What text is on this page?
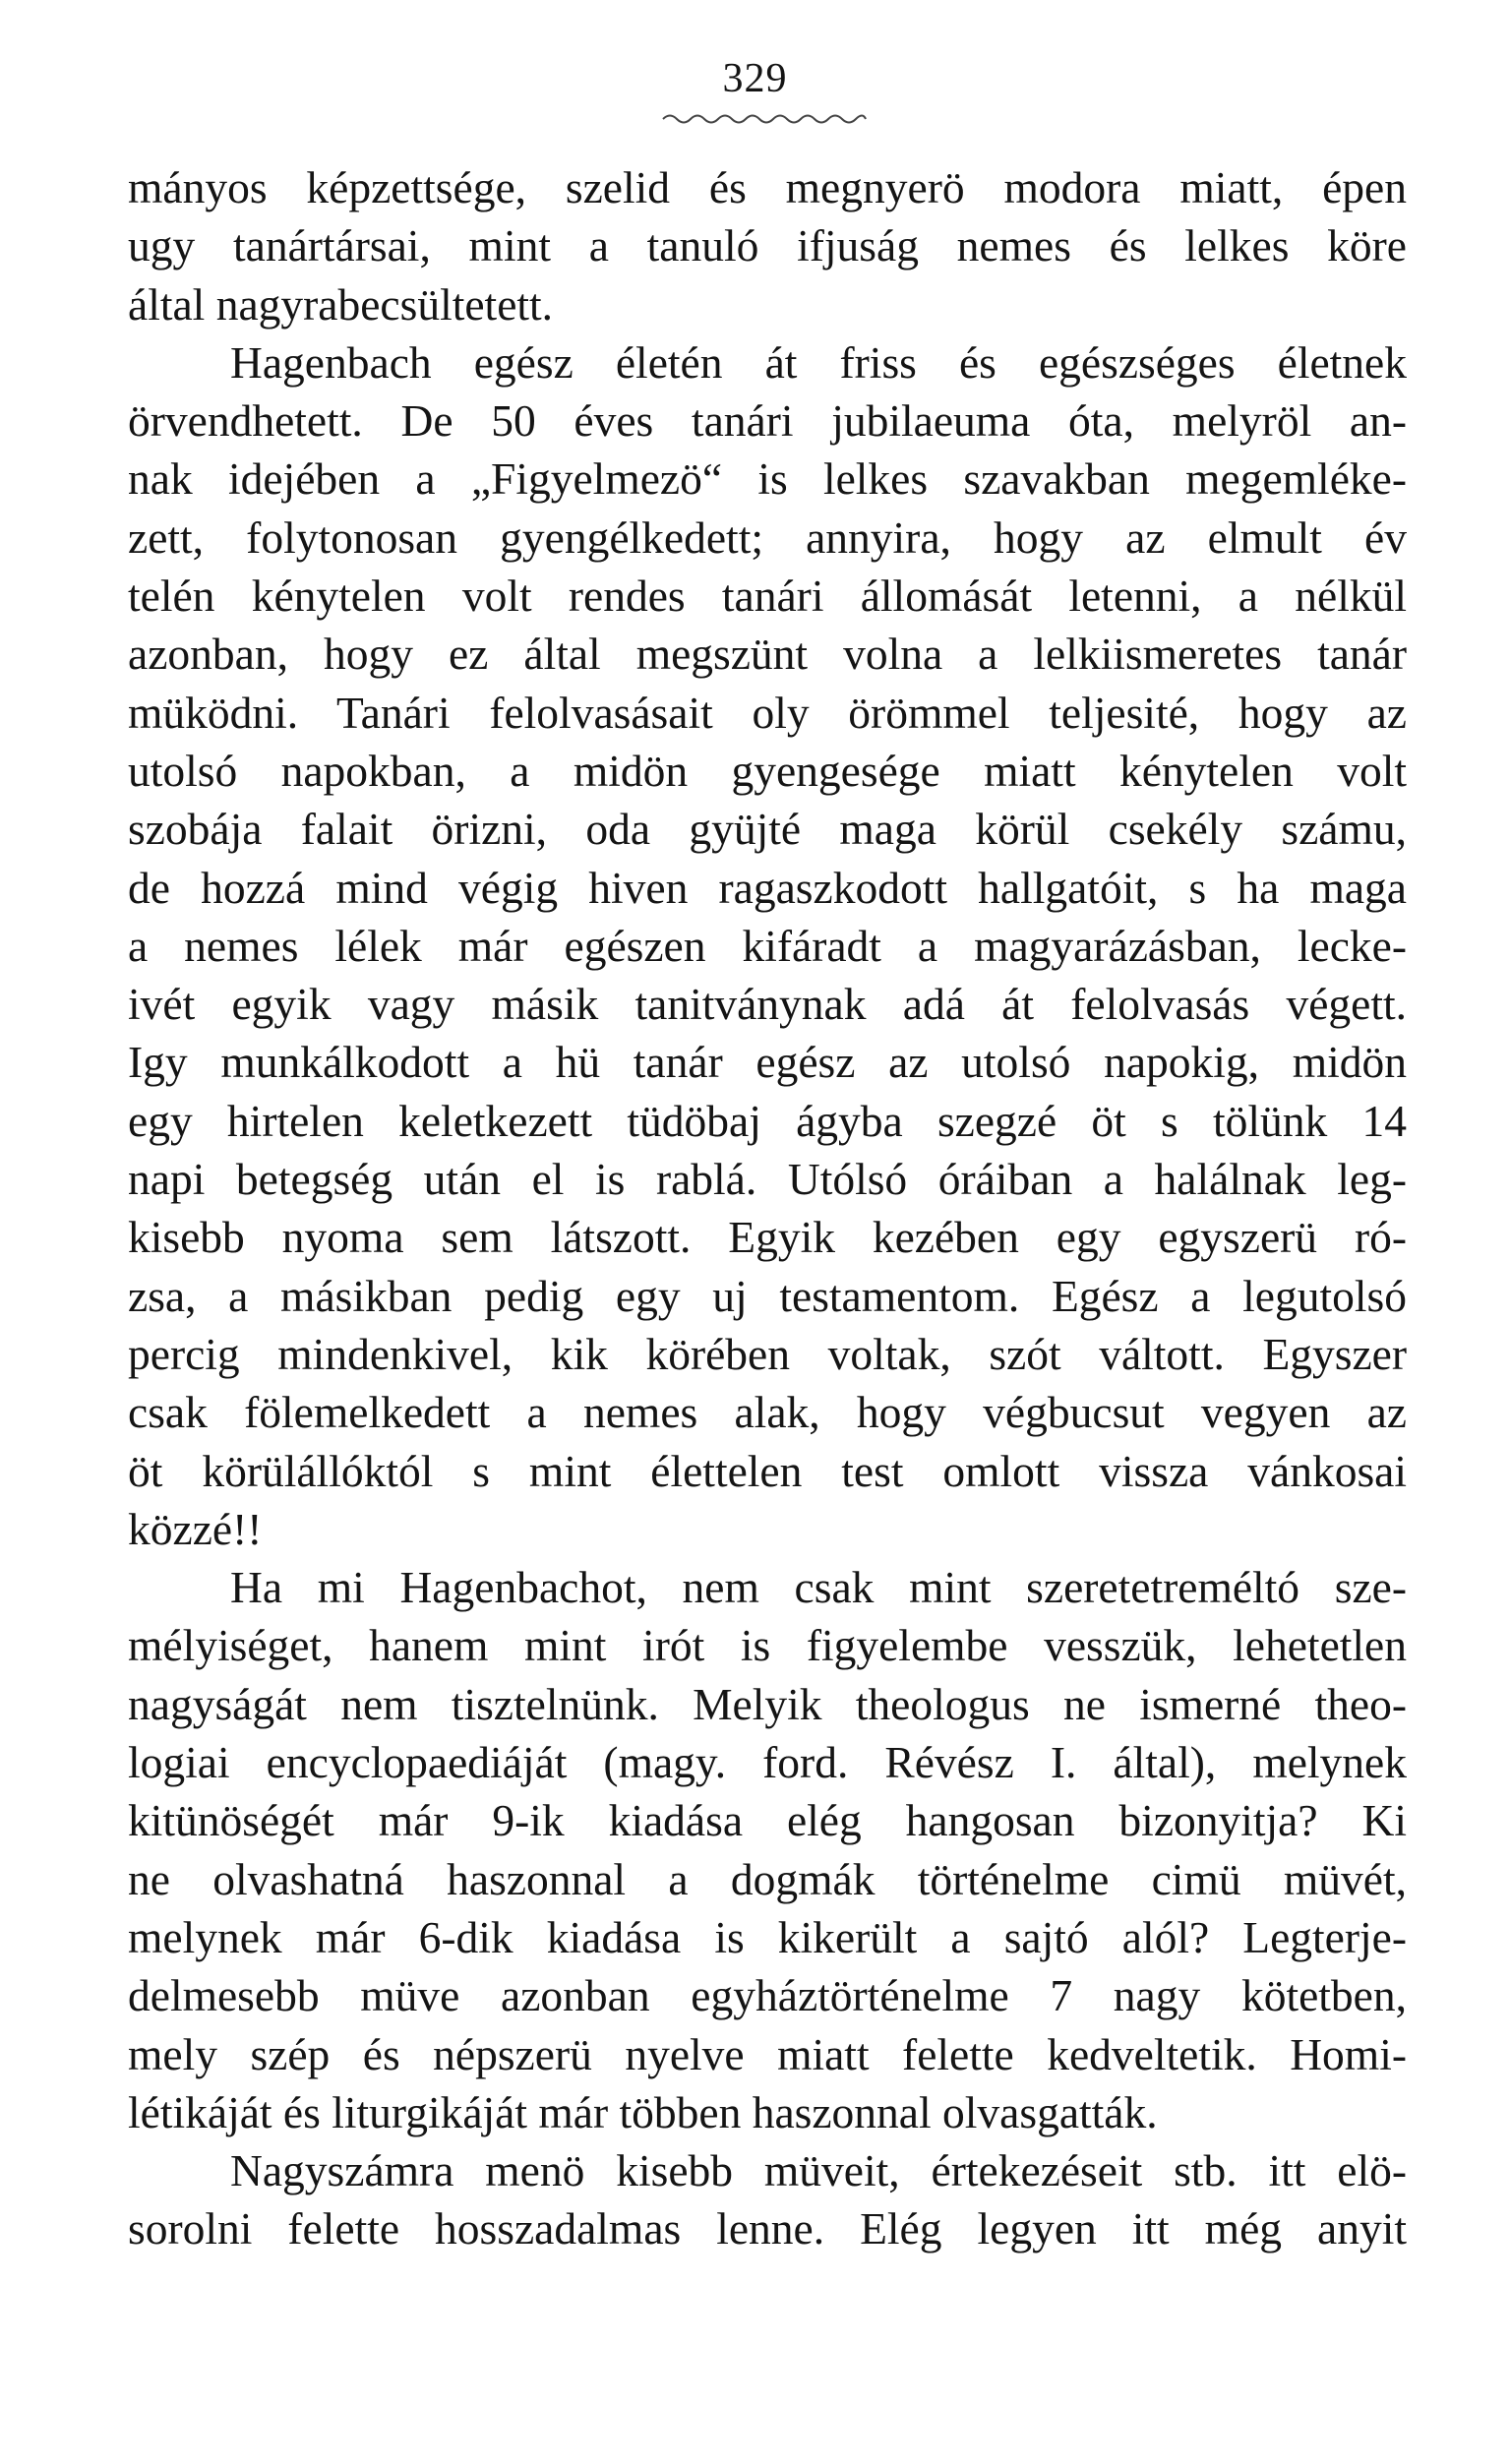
329
mányos képzettsége, szelid és megnyerö modora miatt, épen
ugy tanártársai, mint a tanuló ifjuság nemes és lelkes köre
által nagyrabecsültetett.
Hagenbach egész életén át friss és egészséges életnek
örvendhetett. De 50 éves tanári jubilaeuma óta, melyröl an-
nak idejében a „Figyelmezö“ is lelkes szavakban megemléke-
zett, folytonosan gyengélkedett; annyira, hogy az elmult év
telén kénytelen volt rendes tanári állomását letenni, a nélkül
azonban, hogy ez által megszünt volna a lelkiismeretes tanár
müködni. Tanári felolvasásait oly örömmel teljesité, hogy az
utolsó napokban, a midön gyengesége miatt kénytelen volt
szobája falait örizni, oda gyüjté maga körül csekély számu,
de hozzá mind végig hiven ragaszkodott hallgatóit, s ha maga
a nemes lélek már egészen kifáradt a magyarázásban, lecke-
ivét egyik vagy másik tanitványnak adá át felolvasás végett.
Igy munkálkodott a hü tanár egész az utolsó napokig, midön
egy hirtelen keletkezett tüdöbaj ágyba szegzé öt s tölünk 14
napi betegség után el is rablá. Utólsó óráiban a halálnak leg-
kisebb nyoma sem látszott. Egyik kezében egy egyszerü ró-
zsa, a másikban pedig egy uj testamentom. Egész a legutolsó
percig mindenkivel, kik körében voltak, szót váltott. Egyszer
csak fölemelkedett a nemes alak, hogy végbucsut vegyen az
öt körülállóktól s mint élettelen test omlott vissza vánkosai
közzé!!
Ha mi Hagenbachot, nem csak mint szeretetreméltó sze-
mélyiséget, hanem mint irót is figyelembe vesszük, lehetetlen
nagyságát nem tisztelnünk. Melyik theologus ne ismerné theo-
logiai encyclopaediáját (magy. ford. Révész I. által), melynek
kitünöségét már 9-ik kiadása elég hangosan bizonyitja? Ki
ne olvashatná haszonnal a dogmák történelme cimü müvét,
melynek már 6-dik kiadása is kikerült a sajtó alól? Legterje-
delmesebb müve azonban egyháztörténelme 7 nagy kötetben,
mely szép és népszerü nyelve miatt felette kedveltetik. Homi-
létikáját és liturgikáját már többen haszonnal olvasgatták.
Nagyszámra menö kisebb müveit, értekezéseit stb. itt elö-
sorolni felette hosszadalmas lenne. Elég legyen itt még anyit
